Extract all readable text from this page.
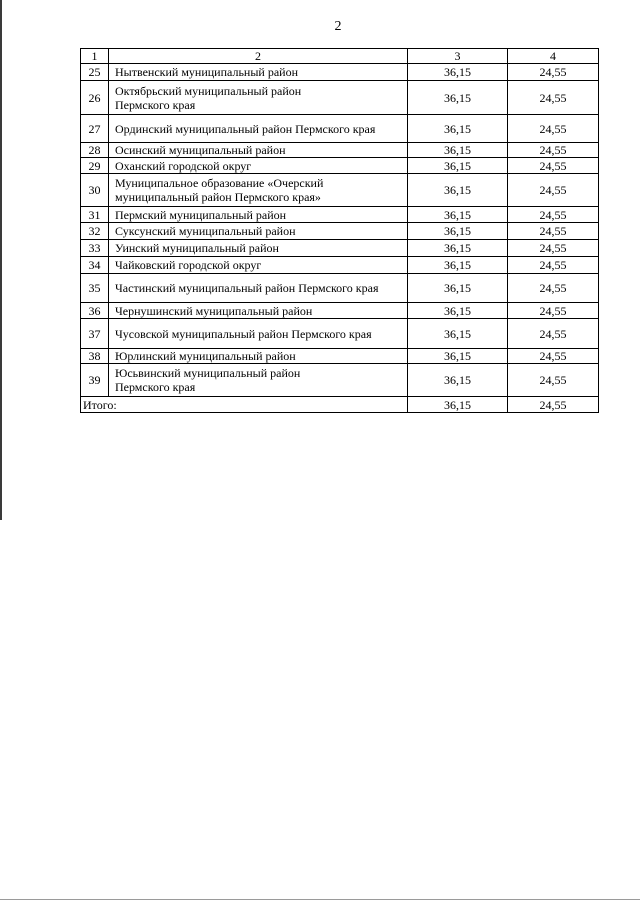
2
1	2	3	4
25	Нытвенский муниципальный район	36,15	24,55
26	Октябрьский муниципальный район
Пермского края	36,15	24,55
27	Ординский муниципальный район Пермского края	36,15	24,55
28	Осинский муниципальный район	36,15	24,55
29	Оханский городской округ	36,15	24,55
30	Муниципальное образование «Очерский
муниципальный район Пермского края»	36,15	24,55
31	Пермский муниципальный район	36,15	24,55
32	Суксунский муниципальный район	36,15	24,55
33	Уинский муниципальный район	36,15	24,55
34	Чайковский городской округ	36,15	24,55
35	Частинский муниципальный район Пермского края	36,15	24,55
36	Чернушинский муниципальный район	36,15	24,55
37	Чусовской муниципальный район Пермского края	36,15	24,55
38	Юрлинский муниципальный район	36,15	24,55
39	Юсьвинский муниципальный район
Пермского края	36,15	24,55
Итого:		36,15	24,55
